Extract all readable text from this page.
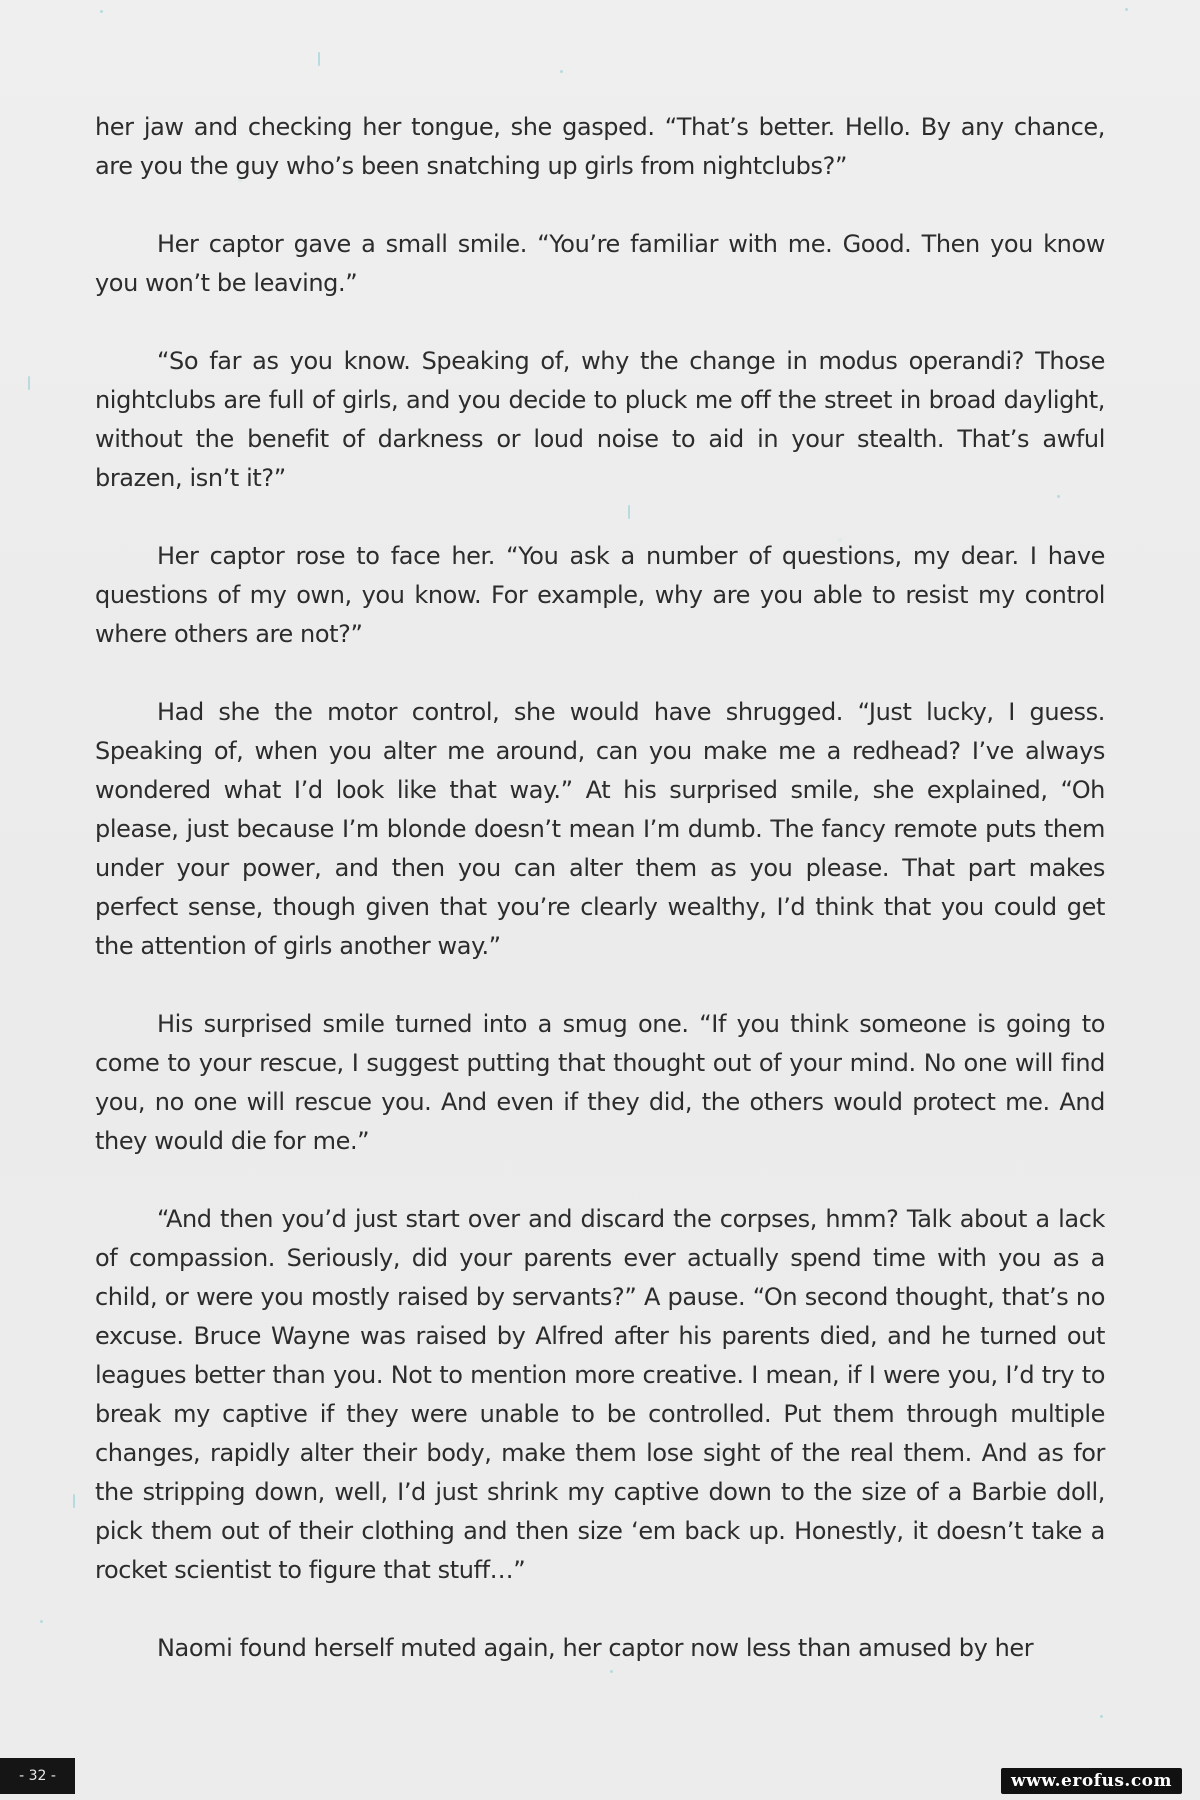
her jaw and checking her tongue, she gasped. “That’s better. Hello. By any chance, are you the guy who’s been snatching up girls from nightclubs?”

Her captor gave a small smile. “You’re familiar with me. Good. Then you know you won’t be leaving.”

“So far as you know. Speaking of, why the change in modus operandi? Those nightclubs are full of girls, and you decide to pluck me off the street in broad daylight, without the benefit of darkness or loud noise to aid in your stealth. That’s awful brazen, isn’t it?”

Her captor rose to face her. “You ask a number of questions, my dear. I have questions of my own, you know. For example, why are you able to resist my control where others are not?”

Had she the motor control, she would have shrugged. “Just lucky, I guess. Speaking of, when you alter me around, can you make me a redhead? I’ve always wondered what I’d look like that way.” At his surprised smile, she explained, “Oh please, just because I’m blonde doesn’t mean I’m dumb. The fancy remote puts them under your power, and then you can alter them as you please. That part makes perfect sense, though given that you’re clearly wealthy, I’d think that you could get the attention of girls another way.”

His surprised smile turned into a smug one. “If you think someone is going to come to your rescue, I suggest putting that thought out of your mind. No one will find you, no one will rescue you. And even if they did, the others would protect me. And they would die for me.”

“And then you’d just start over and discard the corpses, hmm? Talk about a lack of compassion. Seriously, did your parents ever actually spend time with you as a child, or were you mostly raised by servants?” A pause. “On second thought, that’s no excuse. Bruce Wayne was raised by Alfred after his parents died, and he turned out leagues better than you. Not to mention more creative. I mean, if I were you, I’d try to break my captive if they were unable to be controlled. Put them through multiple changes, rapidly alter their body, make them lose sight of the real them. And as for the stripping down, well, I’d just shrink my captive down to the size of a Barbie doll, pick them out of their clothing and then size ‘em back up. Honestly, it doesn’t take a rocket scientist to figure that stuff…”

Naomi found herself muted again, her captor now less than amused by her

- 32 -	www.erofus.com
